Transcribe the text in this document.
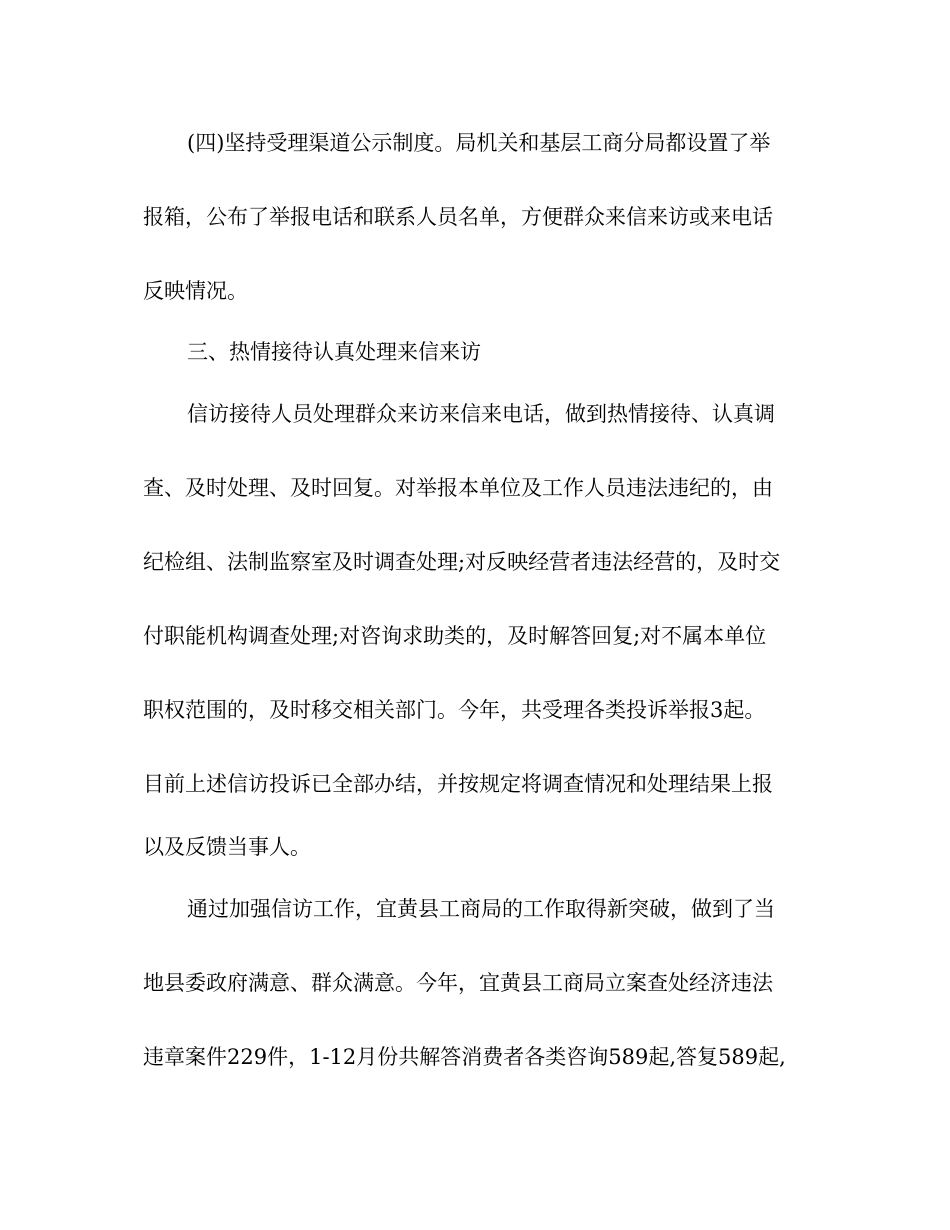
(四)坚持受理渠道公示制度。局机关和基层工商分局都设置了举
报箱，公布了举报电话和联系人员名单，方便群众来信来访或来电话
反映情况。
三、热情接待认真处理来信来访
信访接待人员处理群众来访来信来电话，做到热情接待、认真调
查、及时处理、及时回复。对举报本单位及工作人员违法违纪的，由
纪检组、法制监察室及时调查处理;对反映经营者违法经营的，及时交
付职能机构调查处理;对咨询求助类的，及时解答回复;对不属本单位
职权范围的，及时移交相关部门。今年，共受理各类投诉举报3起。
目前上述信访投诉已全部办结，并按规定将调查情况和处理结果上报
以及反馈当事人。
通过加强信访工作，宜黄县工商局的工作取得新突破，做到了当
地县委政府满意、群众满意。今年，宜黄县工商局立案查处经济违法
违章案件229件，1-12月份共解答消费者各类咨询589起,答复589起,
